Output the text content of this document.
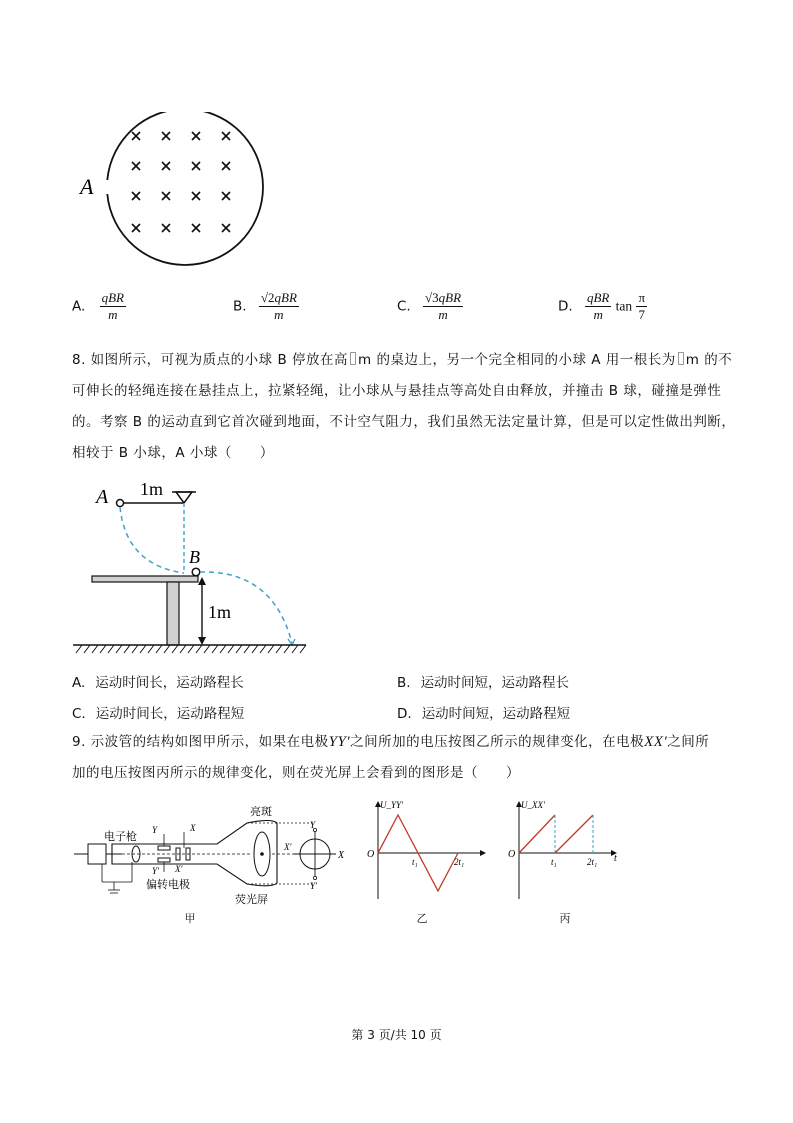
A
A. $\frac{\text{qBR}}{m}$	B. $\frac{\text{√2qBR}}{m}$	C. $\frac{\text{√3qBR}}{m}$	D. $\frac{\text{qBR}}{m}$ $\tan \frac{\pi}{7}$
8. 如图所示，可视为质点的小球 B 停放在高 m 的桌边上，另一个完全相同的小球 A 用一根长为 m 的不
可伸长的轻绳连接在悬挂点上，拉紧轻绳，让小球从与悬挂点等高处自由释放，并撞击 B 球，碰撞是弹性
的。考察 B 的运动直到它首次碰到地面，不计空气阻力，我们虽然无法定量计算，但是可以定性做出判断，
相较于 B 小球，A 小球（　　）
A 1m
B
1m
A. 运动时间长，运动路程长	B. 运动时间短，运动路程长
C. 运动时间长，运动路程短	D. 运动时间短，运动路程短
9. 示波管的结构如图甲所示，如果在电极YY′之间所加的电压按图乙所示的规律变化，在电极XX′之间所
加的电压按图丙所示的规律变化，则在荧光屏上会看到的图形是（　　）
电子枪 Y
Y′
X
X′
偏转电极
亮斑
荧光屏
Y
Y′
X
X′
甲
U_YY′
O
t₁	2t₁
乙
U_XX′
O
t₁	2t₁ t
丙
第 3 页/共 10 页
